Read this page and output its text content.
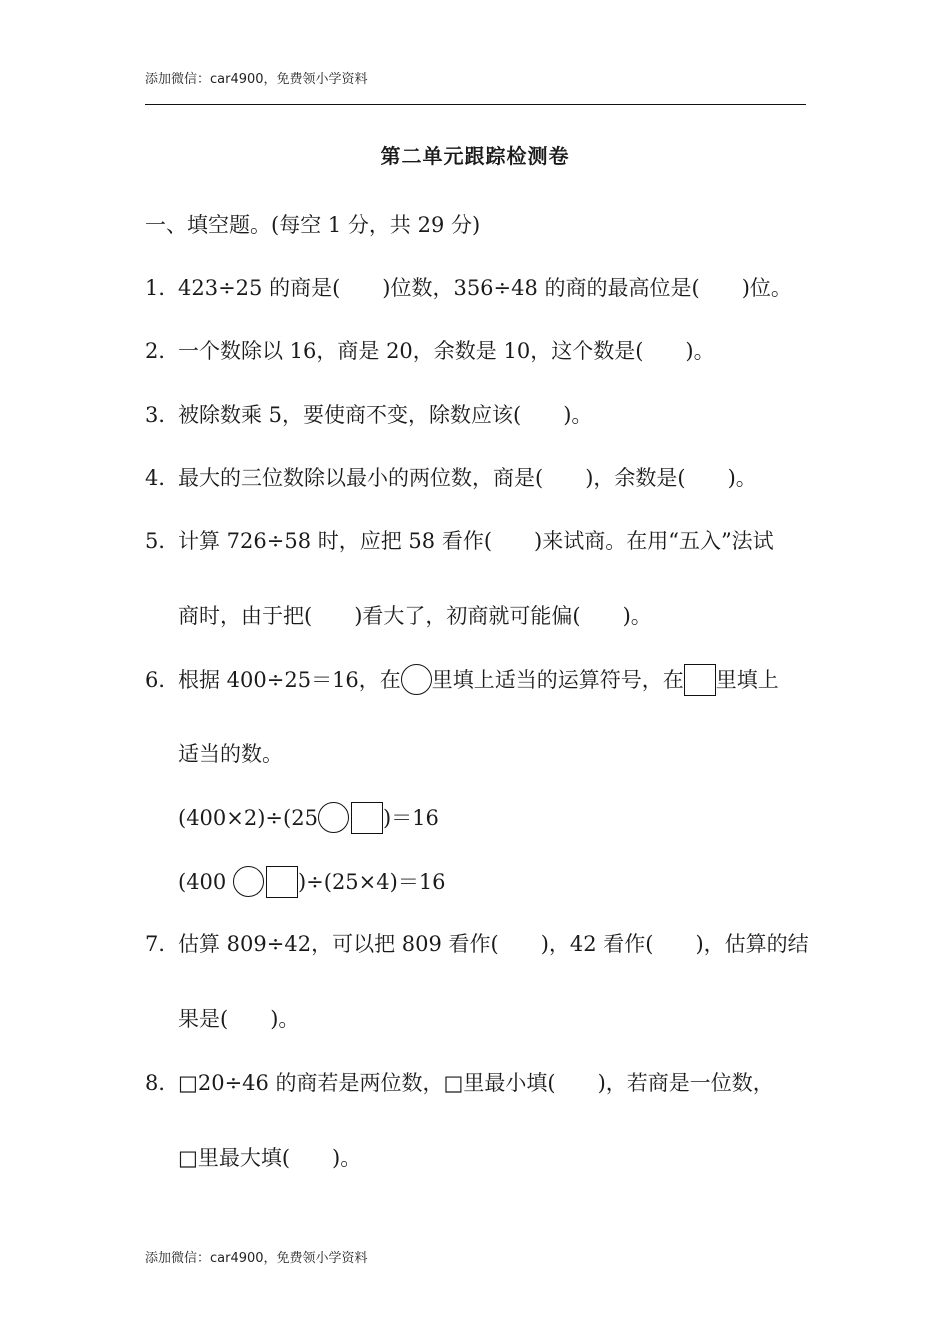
添加微信：car4900，免费领小学资料
第二单元跟踪检测卷
一、填空题。(每空 1 分，共 29 分)
1．423÷25 的商是(　　)位数，356÷48 的商的最高位是(　　)位。
2．一个数除以 16，商是 20，余数是 10，这个数是(　　)。
3．被除数乘 5，要使商不变，除数应该(　　)。
4．最大的三位数除以最小的两位数，商是(　　)，余数是(　　)。
5．计算 726÷58 时，应把 58 看作(　　)来试商。在用“五入”法试
商时，由于把(　　)看大了，初商就可能偏(　　)。
6．根据 400÷25＝16，在 里填上适当的运算符号，在 里填上
适当的数。
(400×2)÷(25	)＝16
(400	)÷(25×4)＝16
7．估算 809÷42，可以把 809 看作(　　)，42 看作(　　)，估算的结
果是(　　)。
8．□20÷46 的商若是两位数，□里最小填(　　)，若商是一位数，
□里最大填(　　)。
添加微信：car4900，免费领小学资料
